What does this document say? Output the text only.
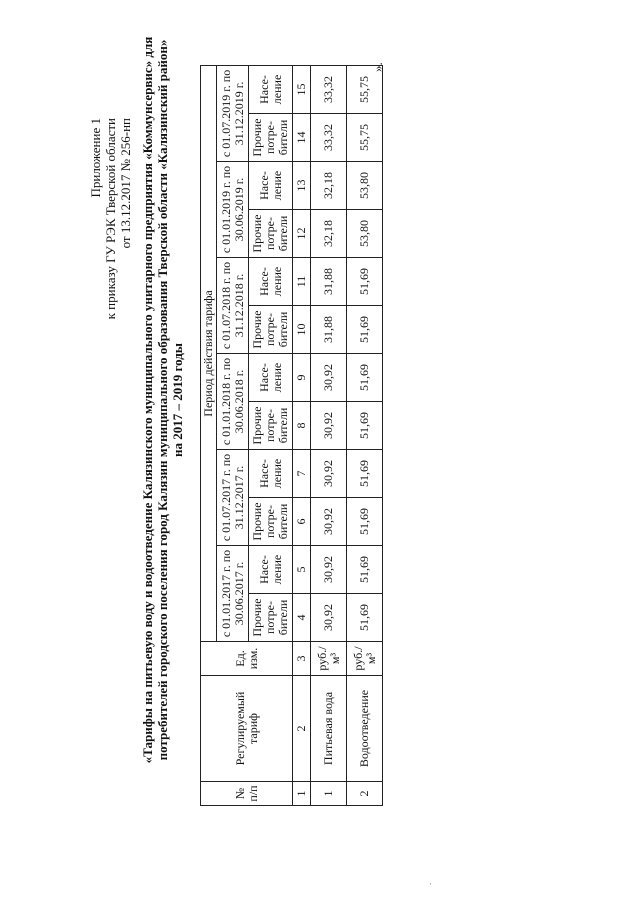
Приложение 1 к приказу ГУ РЭК Тверской области от 13.12.2017 № 256-нп «Тарифы на питьевую воду и водоотведение Калязинского муниципального унитарного предприятия «Коммунсервис» для потребителей городского поселения город Калязин муниципального образования Тверской области «Калязинский район» на 2017 – 2019 годы
№ п/п	Регулируемый тариф	Ед. изм.	Период действия тарифа											
			с 01.01.2017 г. по 30.06.2017 г.		с 01.07.2017 г. по 31.12.2017 г.		с 01.01.2018 г. по 30.06.2018 г.		с 01.07.2018 г. по 31.12.2018 г.		с 01.01.2019 г. по 30.06.2019 г.		с 01.07.2019 г. по 31.12.2019 г.	
			Прочие потре-бители	Насе-ление	Прочие потре-бители	Насе-ление	Прочие потре-бители	Насе-ление	Прочие потре-бители	Насе-ление	Прочие потре-бители	Насе-ление	Прочие потре-бители	Насе-ление
1	2	3	4	5	6	7	8	9	10	11	12	13	14	15
1	Питьевая вода	руб./м³	30,92	30,92	30,92	30,92	30,92	30,92	31,88	31,88	32,18	32,18	33,32	33,32
2	Водоотведение	руб./м³	51,69	51,69	51,69	51,69	51,69	51,69	51,69	51,69	53,80	53,80	55,75	55,75
».
.
